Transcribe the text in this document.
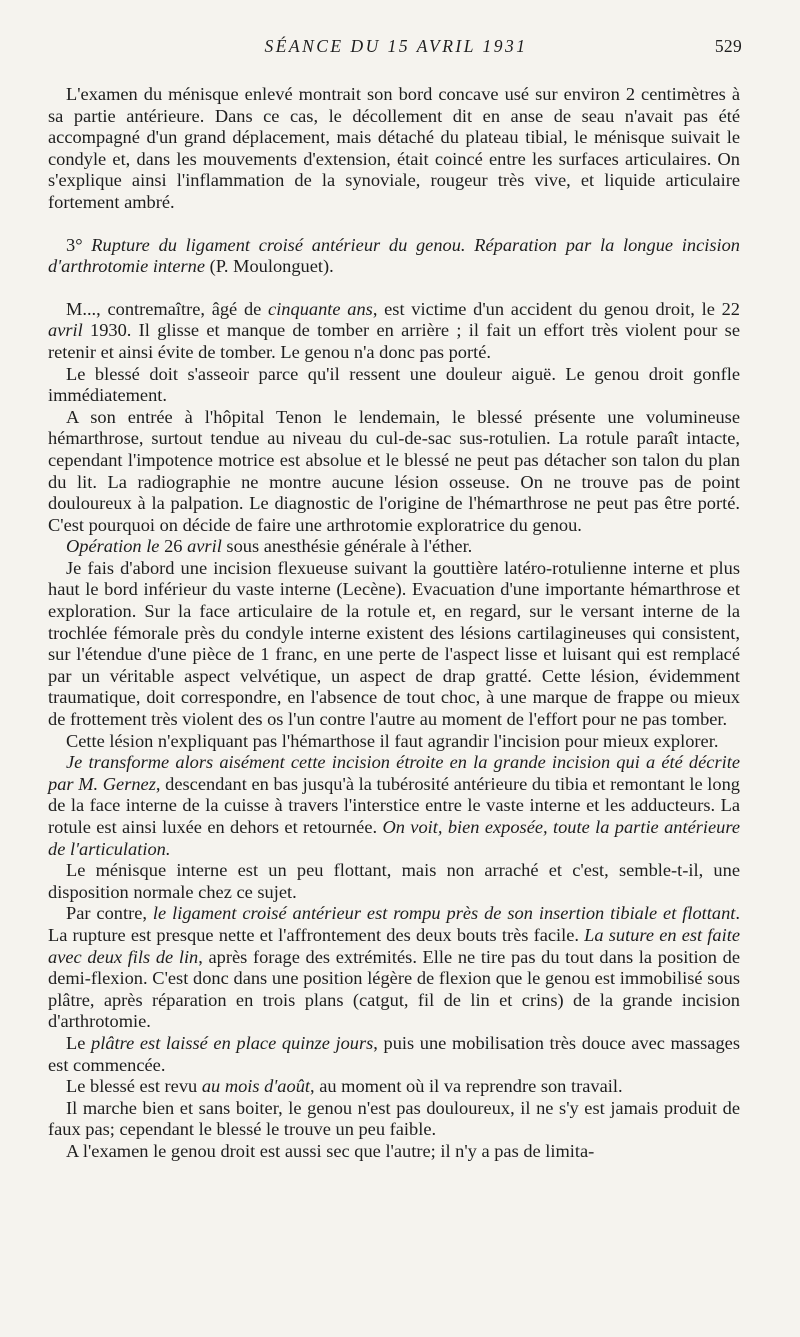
SÉANCE DU 15 AVRIL 1931	529

L'examen du ménisque enlevé montrait son bord concave usé sur environ 2 centimètres à sa partie antérieure. Dans ce cas, le décollement dit en anse de seau n'avait pas été accompagné d'un grand déplacement, mais détaché du plateau tibial, le ménisque suivait le condyle et, dans les mouvements d'extension, était coincé entre les surfaces articulaires. On s'explique ainsi l'inflammation de la synoviale, rougeur très vive, et liquide articulaire fortement ambré.

3° Rupture du ligament croisé antérieur du genou. Réparation par la longue incision d'arthrotomie interne (P. Moulonguet).

M..., contremaître, âgé de cinquante ans, est victime d'un accident du genou droit, le 22 avril 1930. Il glisse et manque de tomber en arrière ; il fait un effort très violent pour se retenir et ainsi évite de tomber. Le genou n'a donc pas porté.

Le blessé doit s'asseoir parce qu'il ressent une douleur aiguë. Le genou droit gonfle immédiatement.

A son entrée à l'hôpital Tenon le lendemain, le blessé présente une volumineuse hémarthrose, surtout tendue au niveau du cul-de-sac sus-rotulien. La rotule paraît intacte, cependant l'impotence motrice est absolue et le blessé ne peut pas détacher son talon du plan du lit. La radiographie ne montre aucune lésion osseuse. On ne trouve pas de point douloureux à la palpation. Le diagnostic de l'origine de l'hémarthrose ne peut pas être porté. C'est pourquoi on décide de faire une arthrotomie exploratrice du genou.

Opération le 26 avril sous anesthésie générale à l'éther.

Je fais d'abord une incision flexueuse suivant la gouttière latéro-rotulienne interne et plus haut le bord inférieur du vaste interne (Lecène). Evacuation d'une importante hémarthrose et exploration. Sur la face articulaire de la rotule et, en regard, sur le versant interne de la trochlée fémorale près du condyle interne existent des lésions cartilagineuses qui consistent, sur l'étendue d'une pièce de 1 franc, en une perte de l'aspect lisse et luisant qui est remplacé par un véritable aspect velvétique, un aspect de drap gratté. Cette lésion, évidemment traumatique, doit correspondre, en l'absence de tout choc, à une marque de frappe ou mieux de frottement très violent des os l'un contre l'autre au moment de l'effort pour ne pas tomber.

Cette lésion n'expliquant pas l'hémarthose il faut agrandir l'incision pour mieux explorer.

Je transforme alors aisément cette incision étroite en la grande incision qui a été décrite par M. Gernez, descendant en bas jusqu'à la tubérosité antérieure du tibia et remontant le long de la face interne de la cuisse à travers l'interstice entre le vaste interne et les adducteurs. La rotule est ainsi luxée en dehors et retournée. On voit, bien exposée, toute la partie antérieure de l'articulation.

Le ménisque interne est un peu flottant, mais non arraché et c'est, semble-t-il, une disposition normale chez ce sujet.

Par contre, le ligament croisé antérieur est rompu près de son insertion tibiale et flottant. La rupture est presque nette et l'affrontement des deux bouts très facile. La suture en est faite avec deux fils de lin, après forage des extrémités. Elle ne tire pas du tout dans la position de demi-flexion. C'est donc dans une position légère de flexion que le genou est immobilisé sous plâtre, après réparation en trois plans (catgut, fil de lin et crins) de la grande incision d'arthrotomie.

Le plâtre est laissé en place quinze jours, puis une mobilisation très douce avec massages est commencée.

Le blessé est revu au mois d'août, au moment où il va reprendre son travail.

Il marche bien et sans boiter, le genou n'est pas douloureux, il ne s'y est jamais produit de faux pas; cependant le blessé le trouve un peu faible.

A l'examen le genou droit est aussi sec que l'autre; il n'y a pas de limita-
